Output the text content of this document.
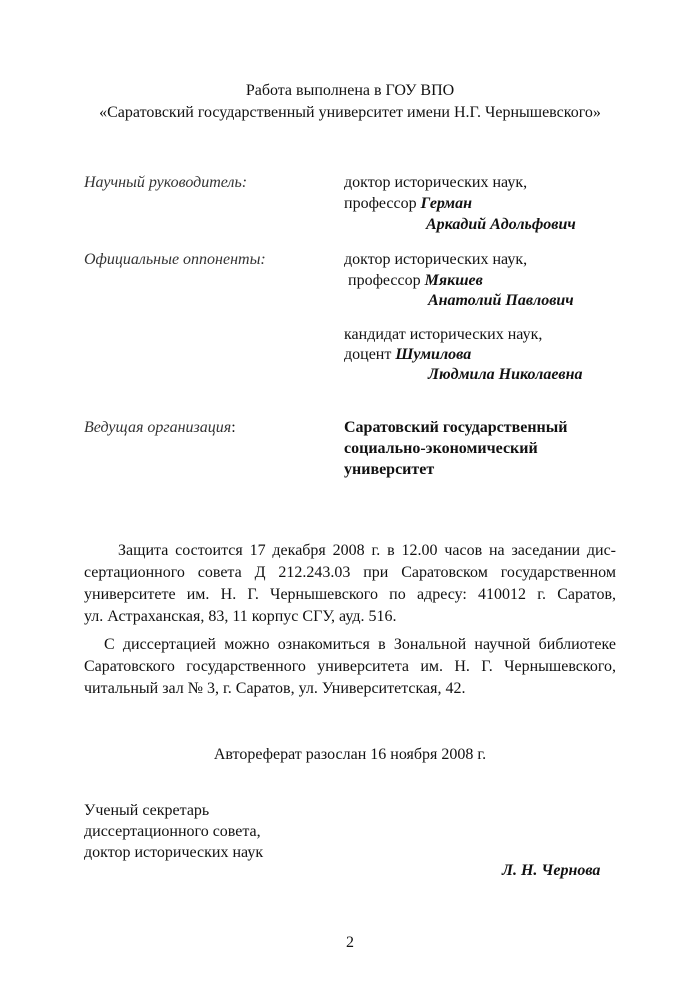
Работа выполнена в ГОУ ВПО
«Саратовский государственный университет имени Н.Г. Чернышевского»
Научный руководитель:	доктор исторических наук,
профессор Герман
Аркадий Адольфович
Официальные оппоненты:	доктор исторических наук,
профессор Мякшев
Анатолий Павлович
кандидат исторических наук,
доцент Шумилова
Людмила Николаевна
Ведущая организация:	Саратовский государственный
социально-экономический
университет
Защита состоится 17 декабря 2008 г. в 12.00 часов на заседании дис-
сертационного совета Д 212.243.03 при Саратовском государственном
университете им. Н. Г. Чернышевского по адресу: 410012 г. Саратов,
ул. Астраханская, 83, 11 корпус СГУ, ауд. 516.
С диссертацией можно ознакомиться в Зональной научной библиотеке
Саратовского государственного университета им. Н. Г. Чернышевского,
читальный зал № 3, г. Саратов, ул. Университетская, 42.
Автореферат разослан 16 ноября 2008 г.
Ученый секретарь
диссертационного совета,
доктор исторических наук
Л. Н. Чернова
2
